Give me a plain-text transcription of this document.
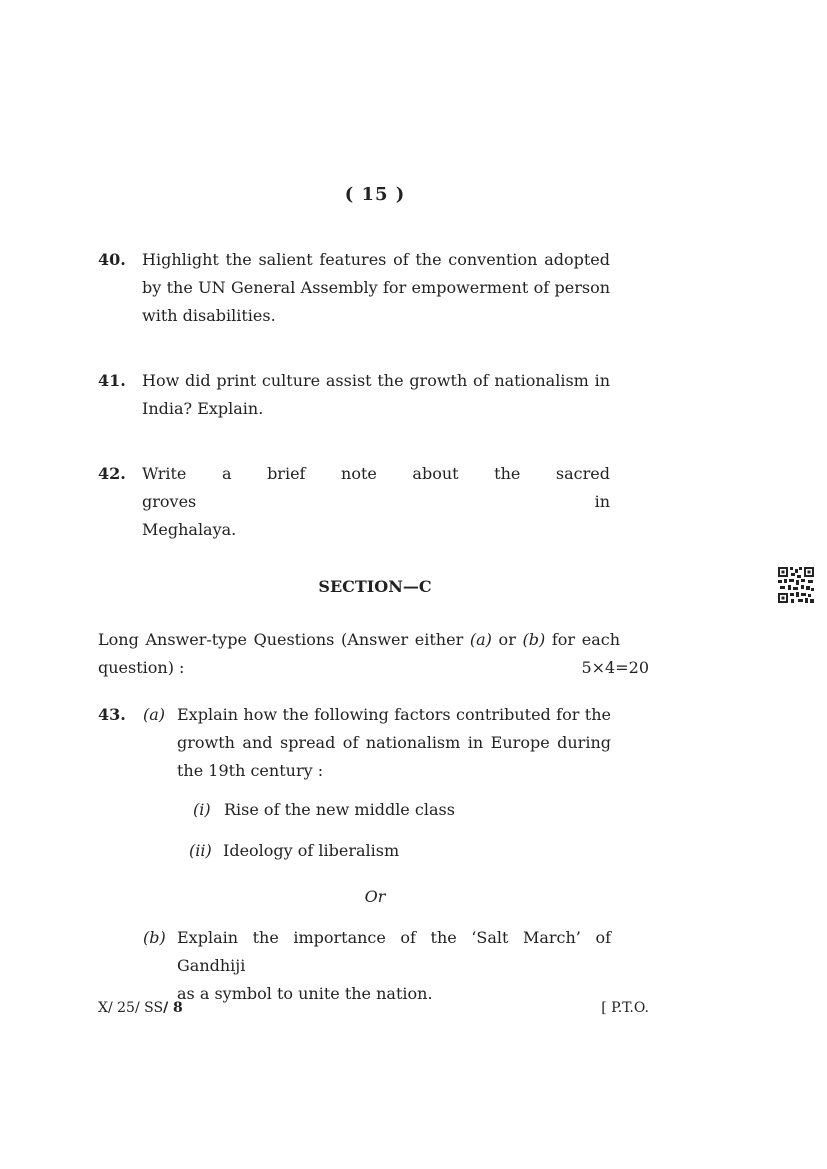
( 15 )
40. Highlight the salient features of the convention adopted
by the UN General Assembly for empowerment of person
with disabilities.
41. How did print culture assist the growth of nationalism in
India? Explain.
42. Write a brief note about the sacred groves in
Meghalaya.
SECTION—C
Long Answer-type Questions (Answer either (a) or (b) for each
question) :	5×4=20
43. (a) Explain how the following factors contributed for the
growth and spread of nationalism in Europe during
the 19th century :
(i) Rise of the new middle class
(ii) Ideology of liberalism
Or
(b) Explain the importance of the ‘Salt March’ of Gandhiji
as a symbol to unite the nation.
X/ 25/ SS/ 8	[ P.T.O.
